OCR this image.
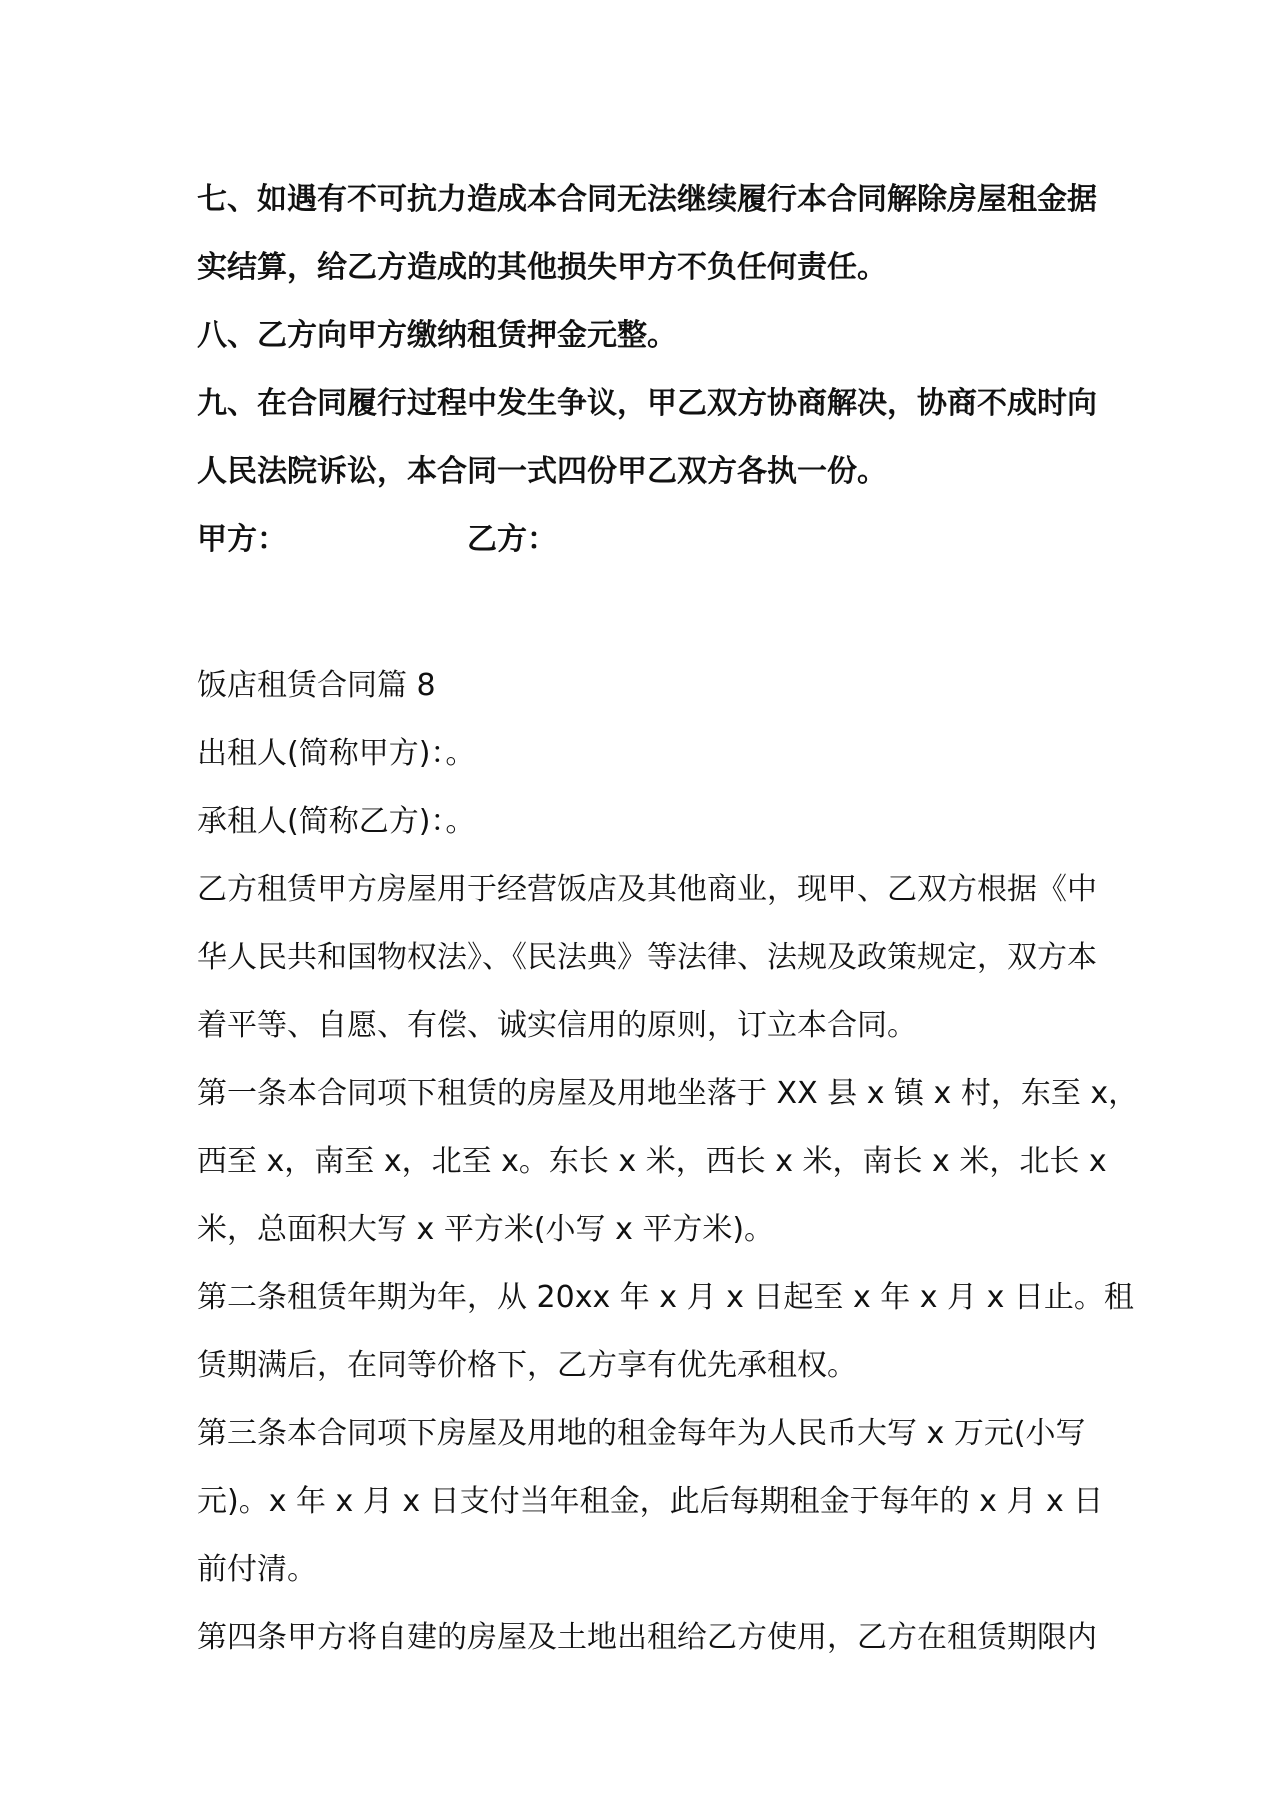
七、如遇有不可抗力造成本合同无法继续履行本合同解除房屋租金据

实结算，给乙方造成的其他损失甲方不负任何责任。

八、乙方向甲方缴纳租赁押金元整。

九、在合同履行过程中发生争议，甲乙双方协商解决，协商不成时向

人民法院诉讼，本合同一式四份甲乙双方各执一份。

甲方：	乙方：

饭店租赁合同篇 8

出租人(简称甲方)：。

承租人(简称乙方)：。

乙方租赁甲方房屋用于经营饭店及其他商业，现甲、乙双方根据《中

华人民共和国物权法》、《民法典》等法律、法规及政策规定，双方本

着平等、自愿、有偿、诚实信用的原则，订立本合同。

第一条本合同项下租赁的房屋及用地坐落于 XX 县 x 镇 x 村，东至 x，

西至 x，南至 x，北至 x。东长 x 米，西长 x 米，南长 x 米，北长 x

米，总面积大写 x 平方米(小写 x 平方米)。

第二条租赁年期为年，从 20xx 年 x 月 x 日起至 x 年 x 月 x 日止。租

赁期满后，在同等价格下，乙方享有优先承租权。

第三条本合同项下房屋及用地的租金每年为人民币大写 x 万元(小写

元)。x 年 x 月 x 日支付当年租金，此后每期租金于每年的 x 月 x 日

前付清。

第四条甲方将自建的房屋及土地出租给乙方使用，乙方在租赁期限内
